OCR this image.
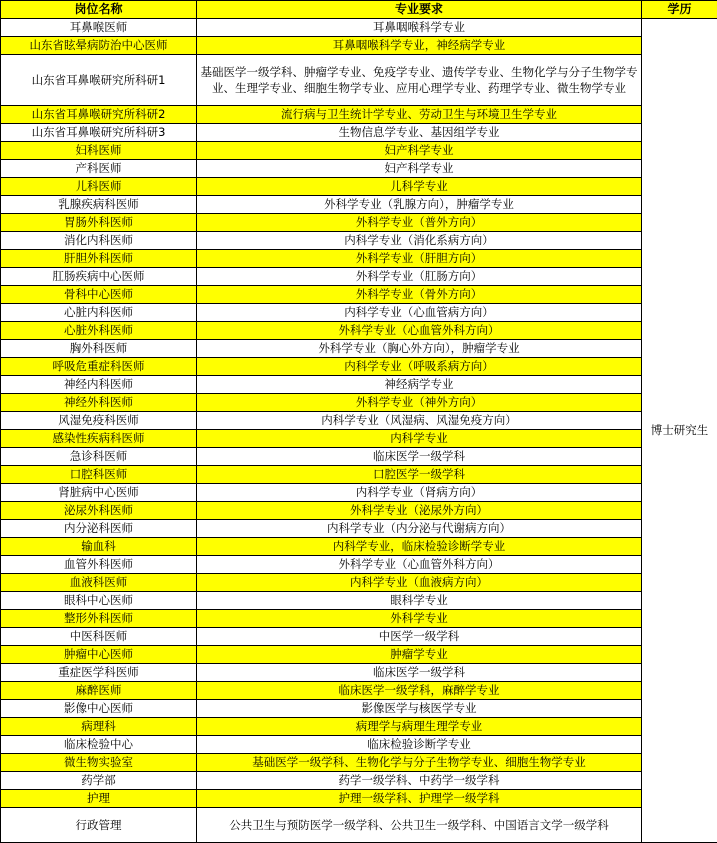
岗位名称	专业要求	学历
耳鼻喉医师	耳鼻咽喉科学专业	博士研究生
山东省眩晕病防治中心医师	耳鼻咽喉科学专业，神经病学专业	
山东省耳鼻喉研究所科研1	基础医学一级学科、肿瘤学专业、免疫学专业、遗传学专业、生物化学与分子生物学专业、生理学专业、细胞生物学专业、应用心理学专业、药理学专业、微生物学专业	
山东省耳鼻喉研究所科研2	流行病与卫生统计学专业、劳动卫生与环境卫生学专业	
山东省耳鼻喉研究所科研3	生物信息学专业、基因组学专业	
妇科医师	妇产科学专业	
产科医师	妇产科学专业	
儿科医师	儿科学专业	
乳腺疾病科医师	外科学专业（乳腺方向），肿瘤学专业	
胃肠外科医师	外科学专业（普外方向）	
消化内科医师	内科学专业（消化系病方向）	
肝胆外科医师	外科学专业（肝胆方向）	
肛肠疾病中心医师	外科学专业（肛肠方向）	
骨科中心医师	外科学专业（骨外方向）	
心脏内科医师	内科学专业（心血管病方向）	
心脏外科医师	外科学专业（心血管外科方向）	
胸外科医师	外科学专业（胸心外方向），肿瘤学专业	
呼吸危重症科医师	内科学专业（呼吸系病方向）	
神经内科医师	神经病学专业	
神经外科医师	外科学专业（神外方向）	
风湿免疫科医师	内科学专业（风湿病、风湿免疫方向）	
感染性疾病科医师	内科学专业	
急诊科医师	临床医学一级学科	
口腔科医师	口腔医学一级学科	
肾脏病中心医师	内科学专业（肾病方向）	
泌尿外科医师	外科学专业（泌尿外方向）	
内分泌科医师	内科学专业（内分泌与代谢病方向）	
输血科	内科学专业，临床检验诊断学专业	
血管外科医师	外科学专业（心血管外科方向）	
血液科医师	内科学专业（血液病方向）	
眼科中心医师	眼科学专业	
整形外科医师	外科学专业	
中医科医师	中医学一级学科	
肿瘤中心医师	肿瘤学专业	
重症医学科医师	临床医学一级学科	
麻醉医师	临床医学一级学科，麻醉学专业	
影像中心医师	影像医学与核医学专业	
病理科	病理学与病理生理学专业	
临床检验中心	临床检验诊断学专业	
微生物实验室	基础医学一级学科、生物化学与分子生物学专业、细胞生物学专业	
药学部	药学一级学科、中药学一级学科	
护理	护理一级学科、护理学一级学科	
行政管理	公共卫生与预防医学一级学科、公共卫生一级学科、中国语言文学一级学科	
